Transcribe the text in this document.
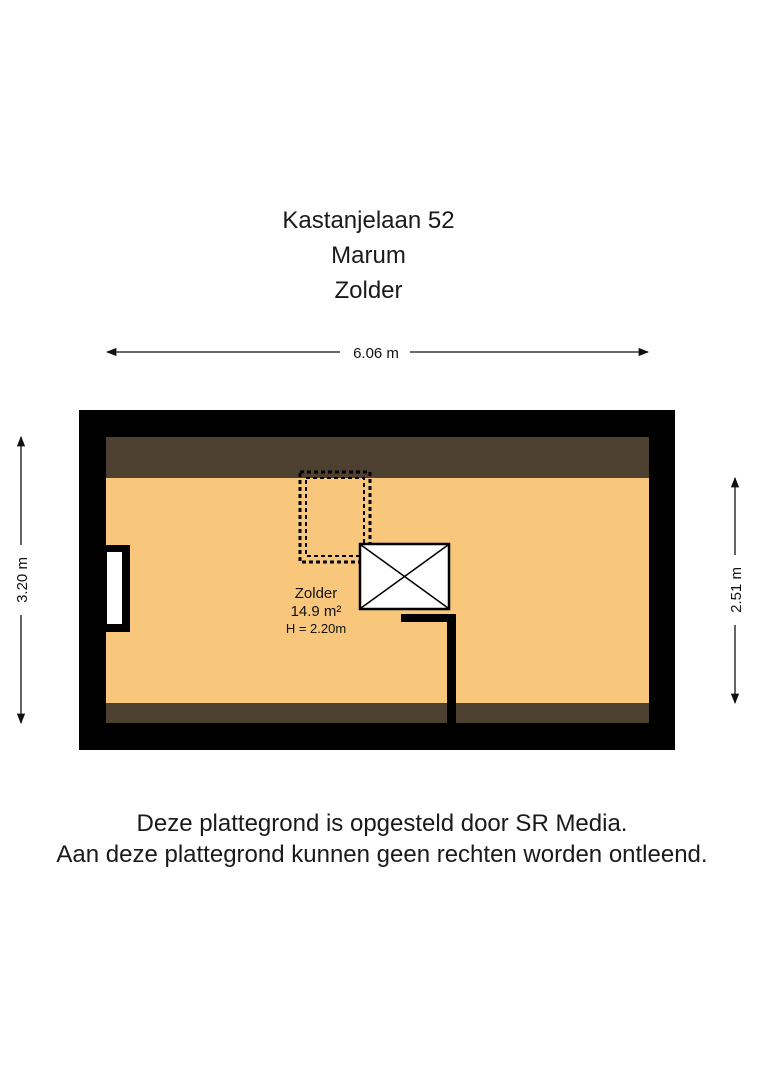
Kastanjelaan 52
Marum
Zolder
6.06 m
3.20 m	2.51 m
Zolder
14.9 m²
H = 2.20m
Deze plattegrond is opgesteld door SR Media.
Aan deze plattegrond kunnen geen rechten worden ontleend.
